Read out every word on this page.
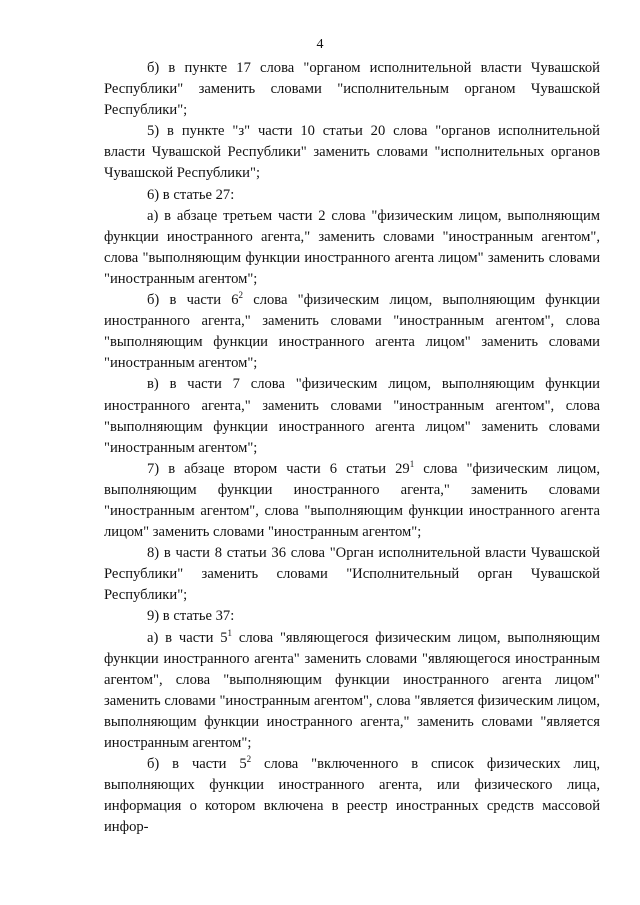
4

б) в пункте 17 слова "органом исполнительной власти Чувашской Республики" заменить словами "исполнительным органом Чувашской Республики";

5) в пункте "з" части 10 статьи 20 слова "органов исполнительной власти Чувашской Республики" заменить словами "исполнительных органов Чувашской Республики";

6) в статье 27:

а) в абзаце третьем части 2 слова "физическим лицом, выполняющим функции иностранного агента," заменить словами "иностранным агентом", слова "выполняющим функции иностранного агента лицом" заменить словами "иностранным агентом";

б) в части $6^2$ слова "физическим лицом, выполняющим функции иностранного агента," заменить словами "иностранным агентом", слова "выполняющим функции иностранного агента лицом" заменить словами "иностранным агентом";

в) в части 7 слова "физическим лицом, выполняющим функции иностранного агента," заменить словами "иностранным агентом", слова "выполняющим функции иностранного агента лицом" заменить словами "иностранным агентом";

7) в абзаце втором части 6 статьи $29^1$ слова "физическим лицом, выполняющим функции иностранного агента," заменить словами "иностранным агентом", слова "выполняющим функции иностранного агента лицом" заменить словами "иностранным агентом";

8) в части 8 статьи 36 слова "Орган исполнительной власти Чувашской Республики" заменить словами "Исполнительный орган Чувашской Республики";

9) в статье 37:

а) в части $5^1$ слова "являющегося физическим лицом, выполняющим функции иностранного агента" заменить словами "являющегося иностранным агентом", слова "выполняющим функции иностранного агента лицом" заменить словами "иностранным агентом", слова "является физическим лицом, выполняющим функции иностранного агента," заменить словами "является иностранным агентом";

б) в части $5^2$ слова "включенного в список физических лиц, выполняющих функции иностранного агента, или физического лица, информация о котором включена в реестр иностранных средств массовой инфор-
